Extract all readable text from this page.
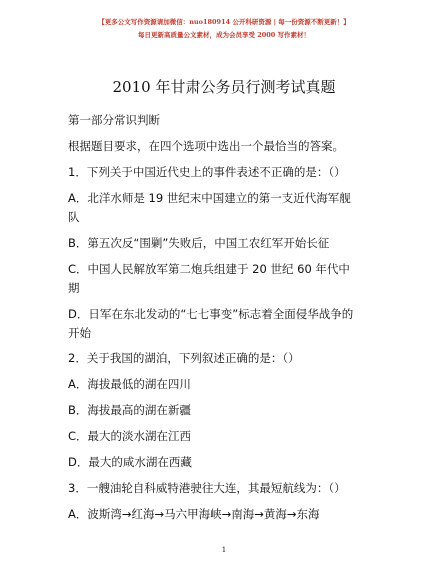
【更多公文写作资源请加微信：nuo180914 公开科研资源 | 每一份资源不断更新！】
每日更新高质量公文素材，成为会员享受 2000 写作素材！
2010 年甘肃公务员行测考试真题
第一部分常识判断
根据题目要求，在四个选项中选出一个最恰当的答案。
1．下列关于中国近代史上的事件表述不正确的是：（）
A．北洋水师是 19 世纪末中国建立的第一支近代海军舰
队
B．第五次反“围剿”失败后，中国工农红军开始长征
C．中国人民解放军第二炮兵组建于 20 世纪 60 年代中
期
D．日军在东北发动的“七七事变”标志着全面侵华战争的
开始
2．关于我国的湖泊，下列叙述正确的是：（）
A．海拔最低的湖在四川
B．海拔最高的湖在新疆
C．最大的淡水湖在江西
D．最大的咸水湖在西藏
3．一艘油轮自科威特港驶往大连，其最短航线为：（）
A．波斯湾→红海→马六甲海峡→南海→黄海→东海
1
